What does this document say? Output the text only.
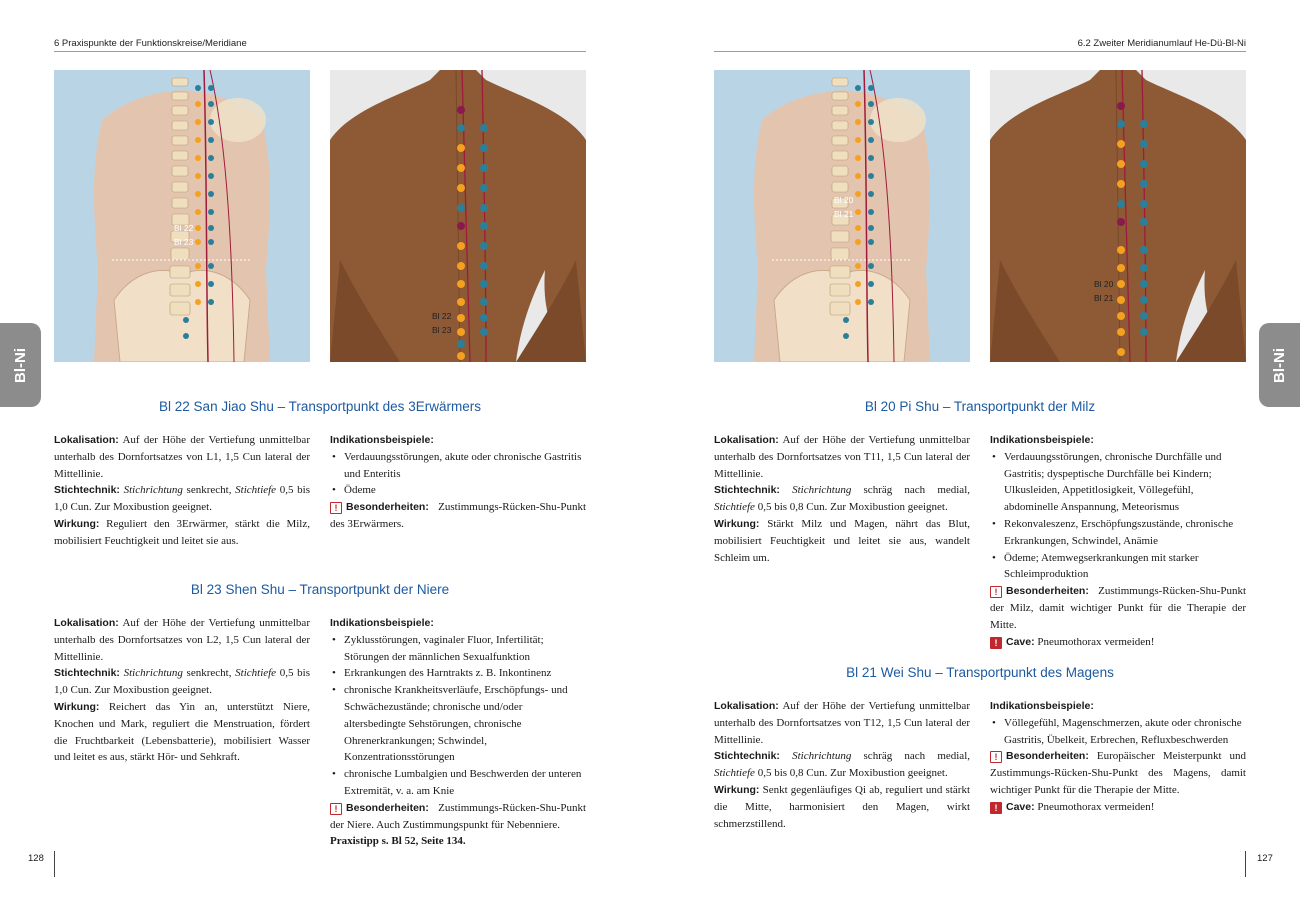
6 Praxispunkte der Funktionskreise/Meridiane
Bl 22
Bl 23
Bl 22
Bl 23
Bl-Ni
Bl 22 San Jiao Shu – Transportpunkt des 3Erwärmers

Lokalisation: Auf der Höhe der Vertiefung unmittelbar unterhalb des Dornfortsatzes von L1, 1,5 Cun lateral der Mittellinie.

Stichtechnik: Stichrichtung senkrecht, Stichtiefe 0,5 bis 1,0 Cun. Zur Moxibustion geeignet.

Wirkung: Reguliert den 3Erwärmer, stärkt die Milz, mobilisiert Feuchtigkeit und leitet sie aus.

Indikationsbeispiele:

• Verdauungsstörungen, akute oder chronische Gastritis und Enteritis
• Ödeme

! Besonderheiten: Zustimmungs-Rücken-Shu-Punkt des 3Erwärmers.

Bl 23 Shen Shu – Transportpunkt der Niere

Lokalisation: Auf der Höhe der Vertiefung unmittelbar unterhalb des Dornfortsatzes von L2, 1,5 Cun lateral der Mittellinie.

Stichtechnik: Stichrichtung senkrecht, Stichtiefe 0,5 bis 1,0 Cun. Zur Moxibustion geeignet.

Wirkung: Reichert das Yin an, unterstützt Niere, Knochen und Mark, reguliert die Menstruation, fördert die Fruchtbarkeit (Lebensbatterie), mobilisiert Wasser und leitet es aus, stärkt Hör- und Sehkraft.

Indikationsbeispiele:

• Zyklusstörungen, vaginaler Fluor, Infertilität; Störungen der männlichen Sexualfunktion
• Erkrankungen des Harntrakts z. B. Inkontinenz
• chronische Krankheitsverläufe, Erschöpfungs- und Schwächezustände; chronische und/oder altersbedingte Sehstörungen, chronische Ohrenerkrankungen; Schwindel, Konzentrationsstörungen
• chronische Lumbalgien und Beschwerden der unteren Extremität, v. a. am Knie

! Besonderheiten: Zustimmungs-Rücken-Shu-Punkt der Niere. Auch Zustimmungspunkt für Nebenniere.

Praxistipp s. Bl 52, Seite 134.

128
6.2 Zweiter Meridianumlauf He-Dü-Bl-Ni
Bl 20
Bl 21
Bl 20
Bl 21
Bl-Ni
Bl 20 Pi Shu – Transportpunkt der Milz

Lokalisation: Auf der Höhe der Vertiefung unmittelbar unterhalb des Dornfortsatzes von T11, 1,5 Cun lateral der Mittellinie.

Stichtechnik: Stichrichtung schräg nach medial, Stichtiefe 0,5 bis 0,8 Cun. Zur Moxibustion geeignet.

Wirkung: Stärkt Milz und Magen, nährt das Blut, mobilisiert Feuchtigkeit und leitet sie aus, wandelt Schleim um.

Indikationsbeispiele:

• Verdauungsstörungen, chronische Durchfälle und Gastritis; dyspeptische Durchfälle bei Kindern; Ulkusleiden, Appetitlosigkeit, Völlegefühl, abdominelle Anspannung, Meteorismus
• Rekonvaleszenz, Erschöpfungszustände, chronische Erkrankungen, Schwindel, Anämie
• Ödeme; Atemwegserkrankungen mit starker Schleimproduktion

! Besonderheiten: Zustimmungs-Rücken-Shu-Punkt der Milz, damit wichtiger Punkt für die Therapie der Mitte.

! Cave: Pneumothorax vermeiden!

Bl 21 Wei Shu – Transportpunkt des Magens

Lokalisation: Auf der Höhe der Vertiefung unmittelbar unterhalb des Dornfortsatzes von T12, 1,5 Cun lateral der Mittellinie.

Stichtechnik: Stichrichtung schräg nach medial, Stichtiefe 0,5 bis 0,8 Cun. Zur Moxibustion geeignet.

Wirkung: Senkt gegenläufiges Qi ab, reguliert und stärkt die Mitte, harmonisiert den Magen, wirkt schmerzstillend.

Indikationsbeispiele:

• Völlegefühl, Magenschmerzen, akute oder chronische Gastritis, Übelkeit, Erbrechen, Refluxbeschwerden

! Besonderheiten: Europäischer Meisterpunkt und Zustimmungs-Rücken-Shu-Punkt des Magens, damit wichtiger Punkt für die Therapie der Mitte.

! Cave: Pneumothorax vermeiden!

127
